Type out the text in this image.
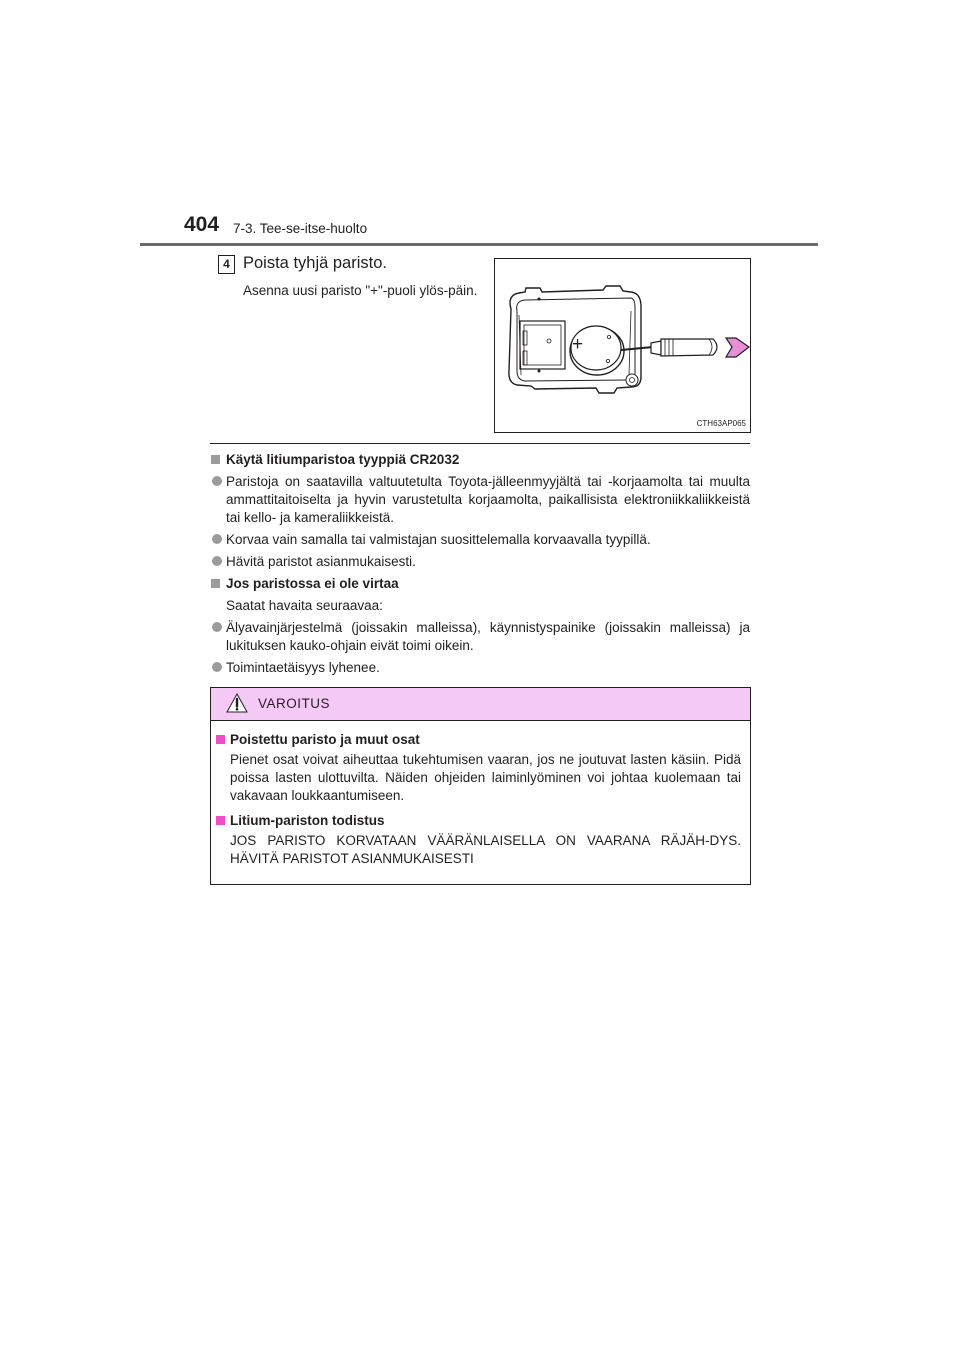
404 7-3. Tee-se-itse-huolto
4 Poista tyhjä paristo.
Asenna uusi paristo "+"-puoli ylös-päin.
+
CTH63AP065
Käytä litiumparistoa tyyppiä CR2032
Paristoja on saatavilla valtuutetulta Toyota-jälleenmyyjältä tai -korjaamolta tai muulta ammattitaitoiselta ja hyvin varustetulta korjaamolta, paikallisista elektroniikkaliikkeistä tai kello- ja kameraliikkeistä.
Korvaa vain samalla tai valmistajan suosittelemalla korvaavalla tyypillä.
Hävitä paristot asianmukaisesti.
Jos paristossa ei ole virtaa
Saatat havaita seuraavaa:
Älyavainjärjestelmä (joissakin malleissa), käynnistyspainike (joissakin malleissa) ja lukituksen kauko-ohjain eivät toimi oikein.
Toimintaetäisyys lyhenee.
VAROITUS
Poistettu paristo ja muut osat
Pienet osat voivat aiheuttaa tukehtumisen vaaran, jos ne joutuvat lasten käsiin. Pidä poissa lasten ulottuvilta. Näiden ohjeiden laiminlyöminen voi johtaa kuolemaan tai vakavaan loukkaantumiseen.
Litium-pariston todistus
JOS PARISTO KORVATAAN VÄÄRÄNLAISELLA ON VAARANA RÄJÄH-DYS. HÄVITÄ PARISTOT ASIANMUKAISESTI
